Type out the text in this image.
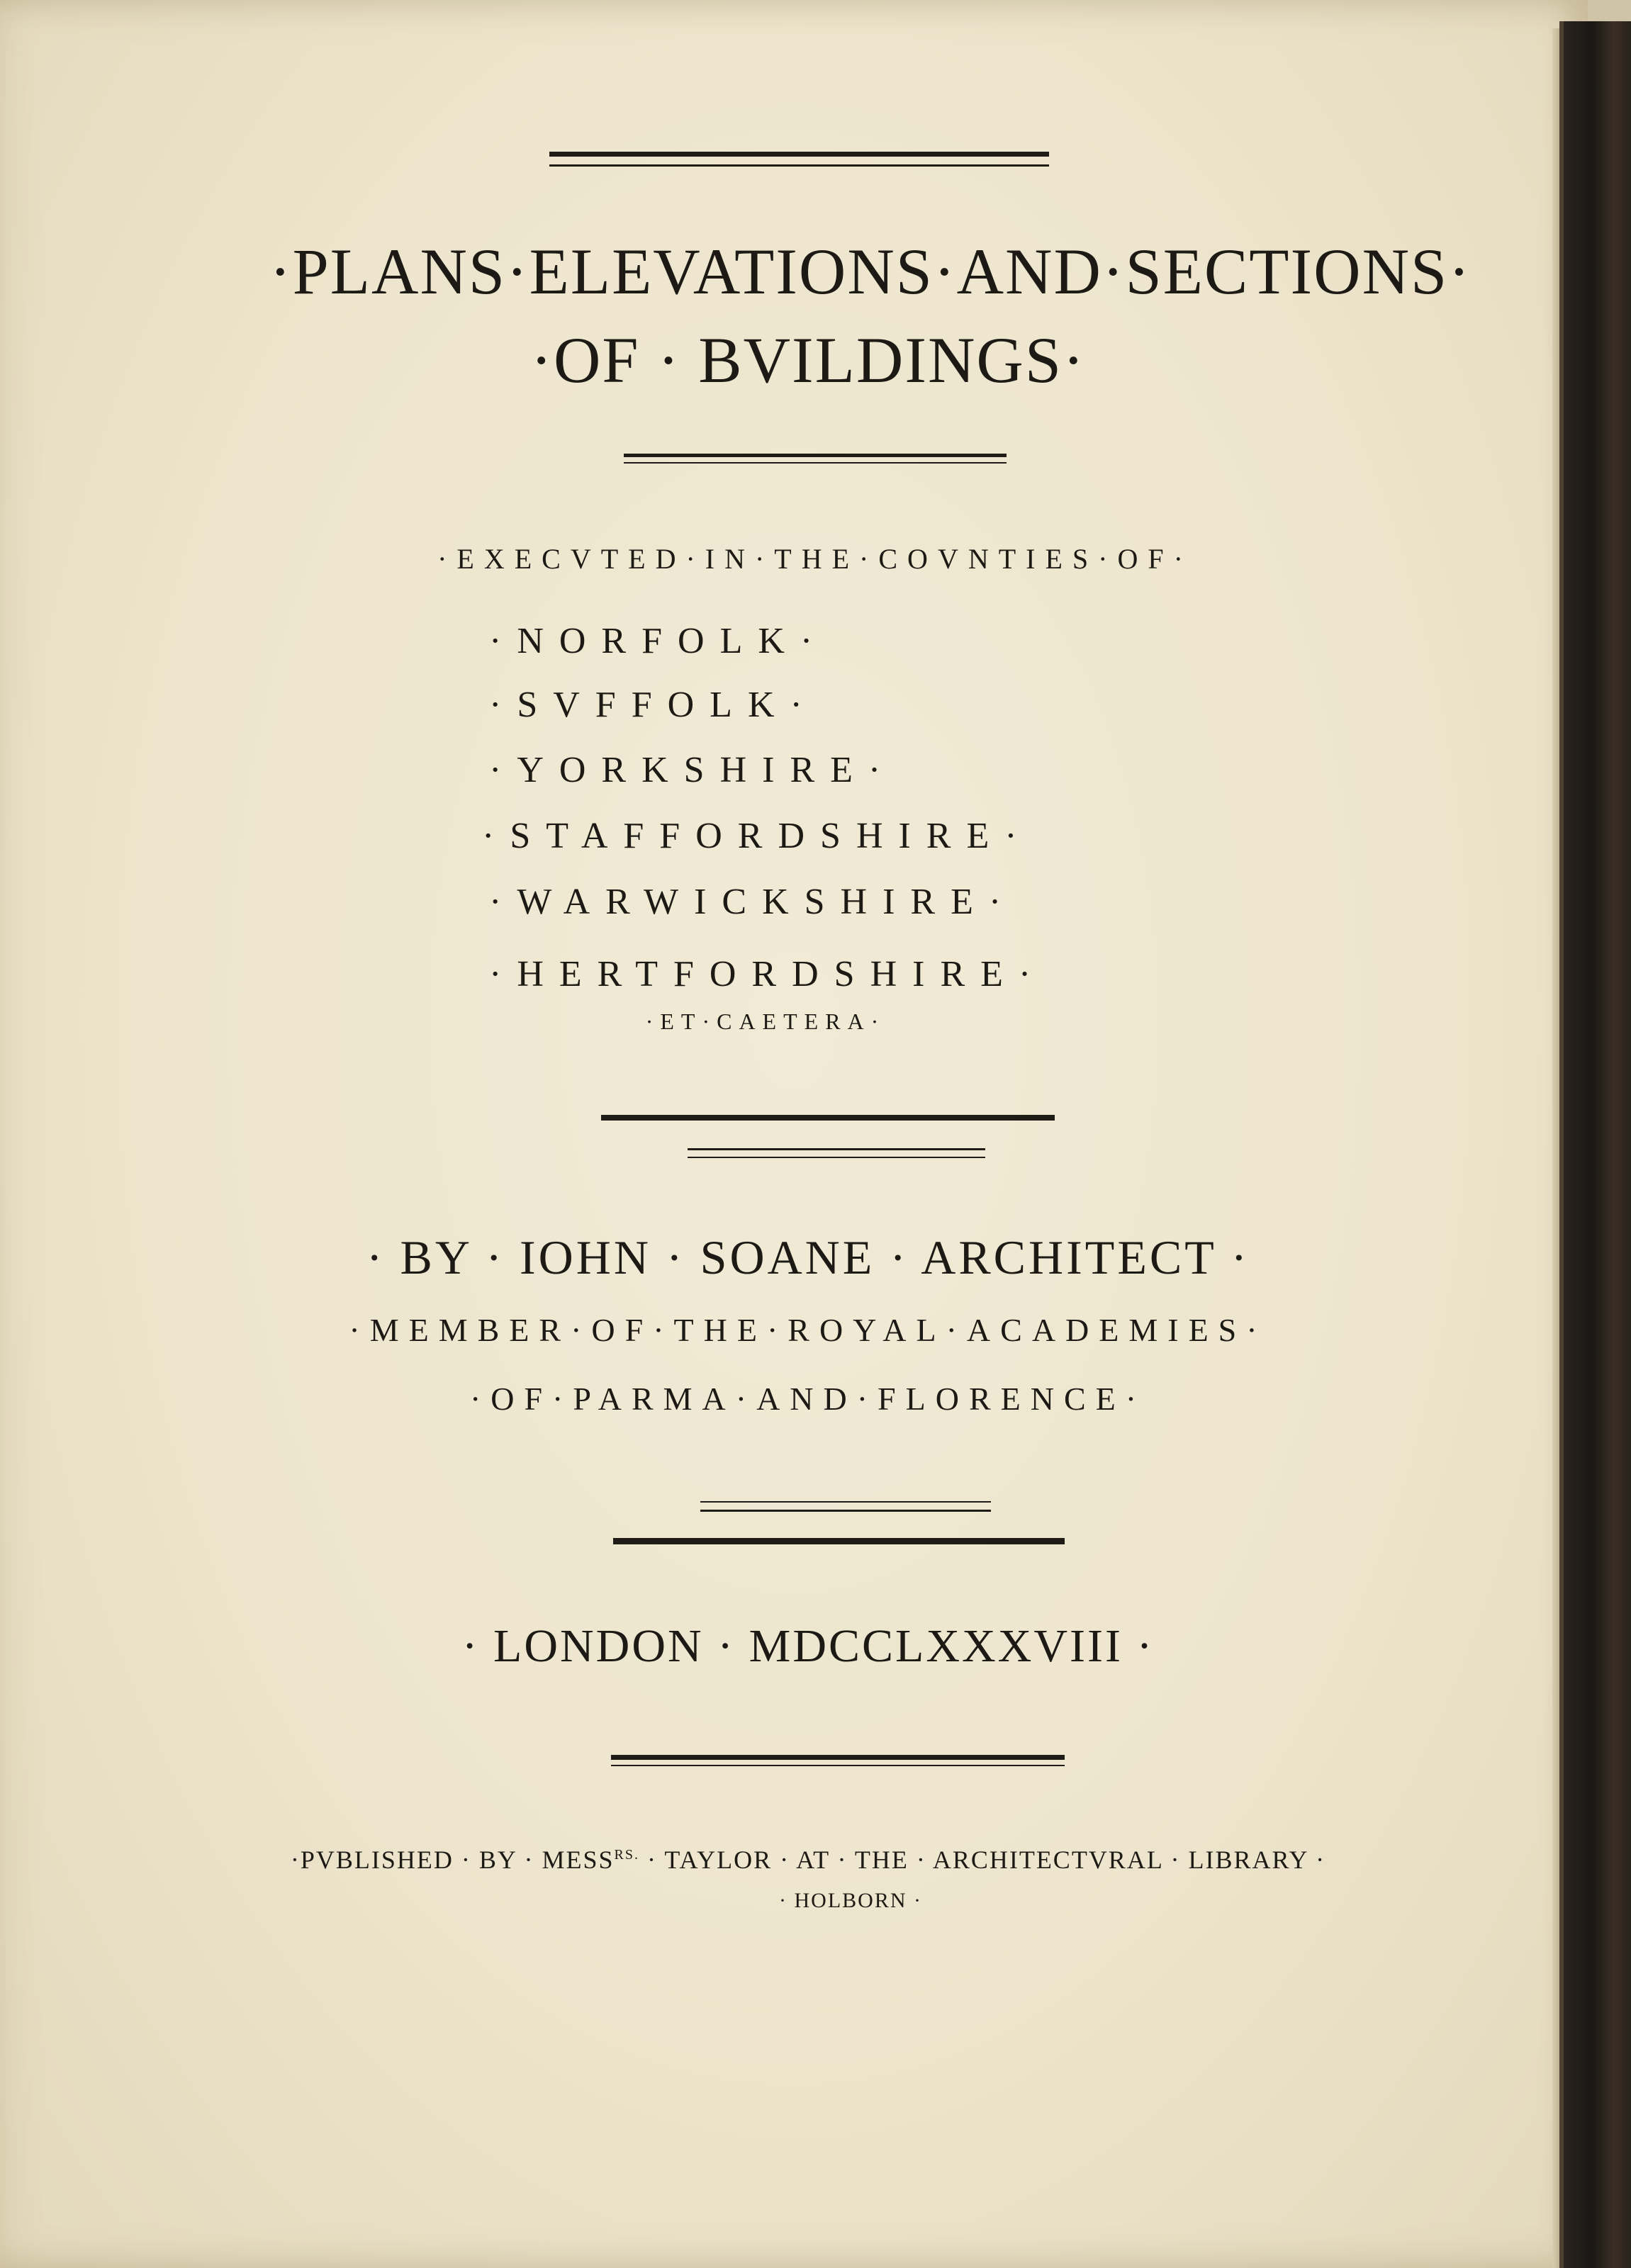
·PLANS·ELEVATIONS·AND·SECTIONS·
·OF · BVILDINGS·
·EXECVTED·IN·THE·COVNTIES·OF·
·NORFOLK·
·SVFFOLK·
·YORKSHIRE·
·STAFFORDSHIRE·
·WARWICKSHIRE·
·HERTFORDSHIRE·
·ET·CAETERA·
· BY · IOHN · SOANE · ARCHITECT ·
·MEMBER·OF·THE·ROYAL·ACADEMIES·
·OF·PARMA·AND·FLORENCE·
· LONDON · MDCCLXXXVIII ·
·PVBLISHED · BY · $MESS^{RS.}$ · TAYLOR · AT · THE · ARCHITECTVRAL · LIBRARY ·
· HOLBORN ·
